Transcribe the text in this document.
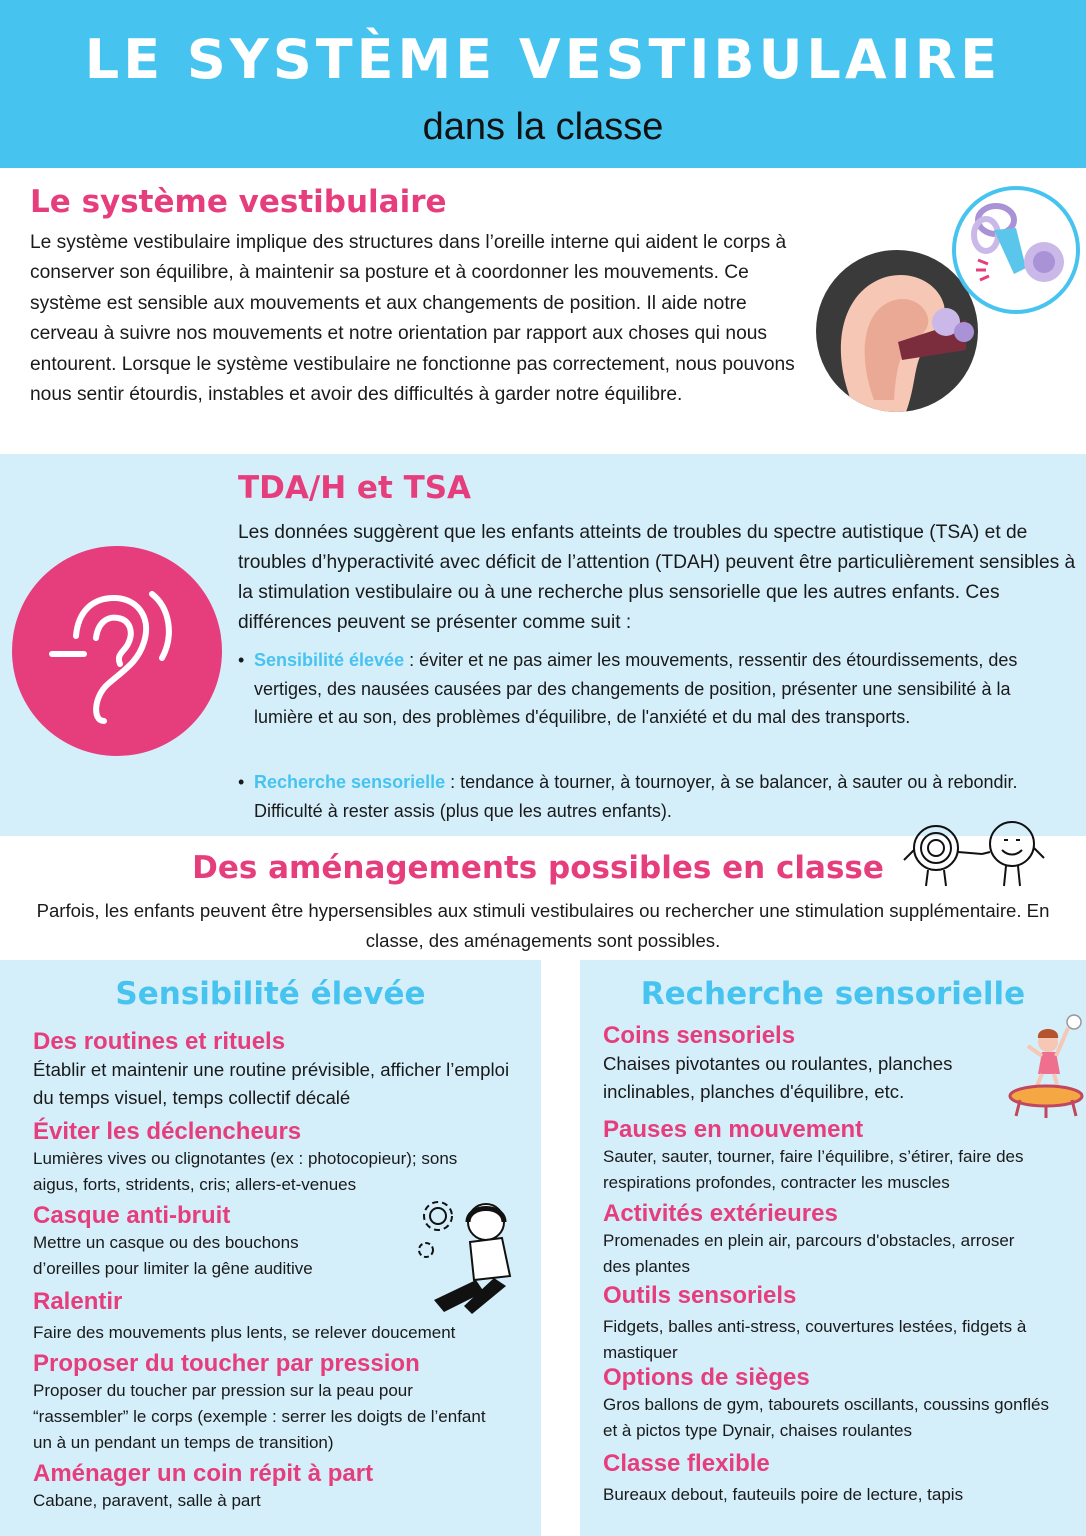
LE SYSTÈME VESTIBULAIRE
dans la classe
Le système vestibulaire

Le système vestibulaire implique des structures dans l’oreille interne qui aident le corps à conserver son équilibre, à maintenir sa posture et à coordonner les mouvements. Ce système est sensible aux mouvements et aux changements de position. Il aide notre cerveau à suivre nos mouvements et notre orientation par rapport aux choses qui nous entourent. Lorsque le système vestibulaire ne fonctionne pas correctement, nous pouvons nous sentir étourdis, instables et avoir des difficultés à garder notre équilibre.

TDA/H et TSA

Les données suggèrent que les enfants atteints de troubles du spectre autistique (TSA) et de troubles d’hyperactivité avec déficit de l’attention (TDAH) peuvent être particulièrement sensibles à la stimulation vestibulaire ou à une recherche plus sensorielle que les autres enfants. Ces différences peuvent se présenter comme suit :

• Sensibilité élevée : éviter et ne pas aimer les mouvements, ressentir des étourdissements, des vertiges, des nausées causées par des changements de position, présenter une sensibilité à la lumière et au son, des problèmes d'équilibre, de l'anxiété et du mal des transports.
• Recherche sensorielle : tendance à tourner, à tournoyer, à se balancer, à sauter ou à rebondir. Difficulté à rester assis (plus que les autres enfants).
Des aménagements possibles en classe

Parfois, les enfants peuvent être hypersensibles aux stimuli vestibulaires ou rechercher une stimulation supplémentaire. En classe, des aménagements sont possibles.

Sensibilité élevée
Des routines et rituels
Établir et maintenir une routine prévisible, afficher l’emploi du temps visuel, temps collectif décalé
Éviter les déclencheurs
Lumières vives ou clignotantes (ex : photocopieur); sons aigus, forts, stridents, cris; allers-et-venues
Casque anti-bruit
Mettre un casque ou des bouchons d’oreilles pour limiter la gêne auditive
Ralentir
Faire des mouvements plus lents, se relever doucement
Proposer du toucher par pression
Proposer du toucher par pression sur la peau pour “rassembler” le corps (exemple : serrer les doigts de l’enfant un à un pendant un temps de transition)
Aménager un coin répit à part
Cabane, paravent, salle à part
Recherche sensorielle
Coins sensoriels
Chaises pivotantes ou roulantes, planches inclinables, planches d'équilibre, etc.
Pauses en mouvement
Sauter, sauter, tourner, faire l’équilibre, s’étirer, faire des respirations profondes, contracter les muscles
Activités extérieures
Promenades en plein air, parcours d'obstacles, arroser des plantes
Outils sensoriels
Fidgets, balles anti-stress, couvertures lestées, fidgets à mastiquer
Options de sièges
Gros ballons de gym, tabourets oscillants, coussins gonflés et à pictos type Dynair, chaises roulantes
Classe flexible
Bureaux debout, fauteuils poire de lecture, tapis
